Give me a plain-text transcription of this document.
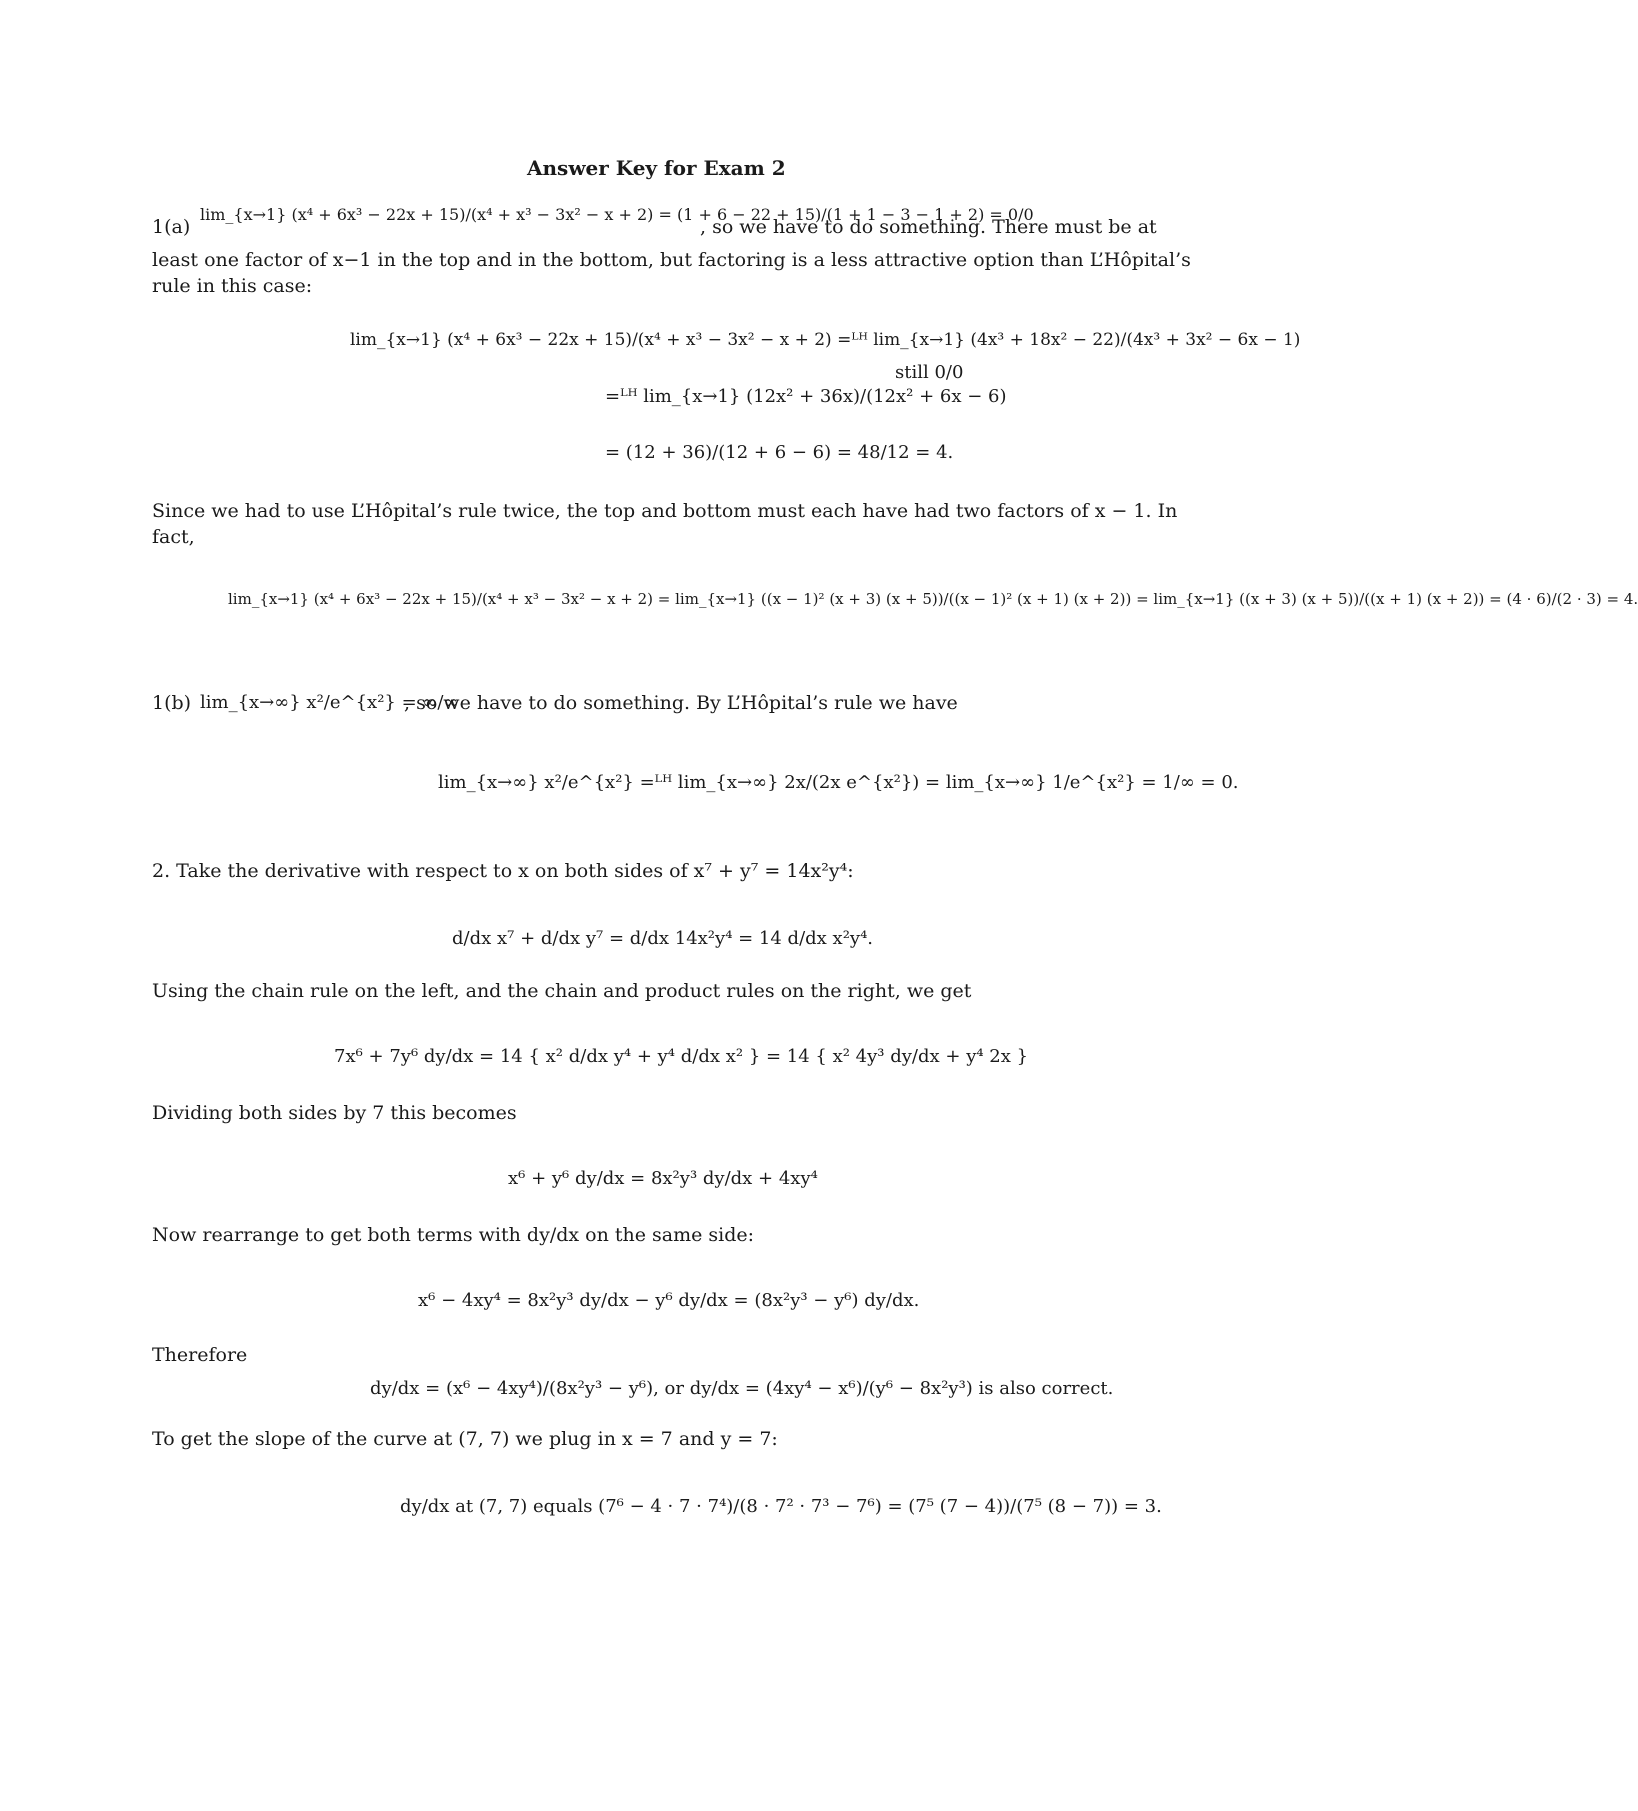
Answer Key for Exam 2
1(a)
lim_{x→1} (x⁴ + 6x³ − 22x + 15)/(x⁴ + x³ − 3x² − x + 2) = (1 + 6 − 22 + 15)/(1 + 1 − 3 − 1 + 2) = 0/0
, so we have to do something. There must be at
least one factor of x−1 in the top and in the bottom, but factoring is a less attractive option than L’Hôpital’s
rule in this case:
lim_{x→1} (x⁴ + 6x³ − 22x + 15)/(x⁴ + x³ − 3x² − x + 2) =ᴸᴴ lim_{x→1} (4x³ + 18x² − 22)/(4x³ + 3x² − 6x − 1)
still 0/0
=ᴸᴴ lim_{x→1} (12x² + 36x)/(12x² + 6x − 6)
= (12 + 36)/(12 + 6 − 6) = 48/12 = 4.
Since we had to use L’Hôpital’s rule twice, the top and bottom must each have had two factors of x − 1. In
fact,
lim_{x→1} (x⁴ + 6x³ − 22x + 15)/(x⁴ + x³ − 3x² − x + 2) = lim_{x→1} ((x − 1)² (x + 3) (x + 5))/((x − 1)² (x + 1) (x + 2)) = lim_{x→1} ((x + 3) (x + 5))/((x + 1) (x + 2)) = (4 · 6)/(2 · 3) = 4.
1(b) lim_{x→∞} x²/e^{x²} = ∞/∞
, so we have to do something. By L’Hôpital’s rule we have
lim_{x→∞} x²/e^{x²} =ᴸᴴ lim_{x→∞} 2x/(2x e^{x²}) = lim_{x→∞} 1/e^{x²} = 1/∞ = 0.
2. Take the derivative with respect to x on both sides of x⁷ + y⁷ = 14x²y⁴:
d/dx x⁷ + d/dx y⁷ = d/dx 14x²y⁴ = 14 d/dx x²y⁴.
Using the chain rule on the left, and the chain and product rules on the right, we get
7x⁶ + 7y⁶ dy/dx = 14 { x² d/dx y⁴ + y⁴ d/dx x² } = 14 { x² 4y³ dy/dx + y⁴ 2x }
Dividing both sides by 7 this becomes
x⁶ + y⁶ dy/dx = 8x²y³ dy/dx + 4xy⁴
Now rearrange to get both terms with dy/dx on the same side:
x⁶ − 4xy⁴ = 8x²y³ dy/dx − y⁶ dy/dx = (8x²y³ − y⁶) dy/dx.
Therefore
dy/dx = (x⁶ − 4xy⁴)/(8x²y³ − y⁶), or dy/dx = (4xy⁴ − x⁶)/(y⁶ − 8x²y³) is also correct.
To get the slope of the curve at (7, 7) we plug in x = 7 and y = 7:
dy/dx at (7, 7) equals (7⁶ − 4 · 7 · 7⁴)/(8 · 7² · 7³ − 7⁶) = (7⁵ (7 − 4))/(7⁵ (8 − 7)) = 3.
